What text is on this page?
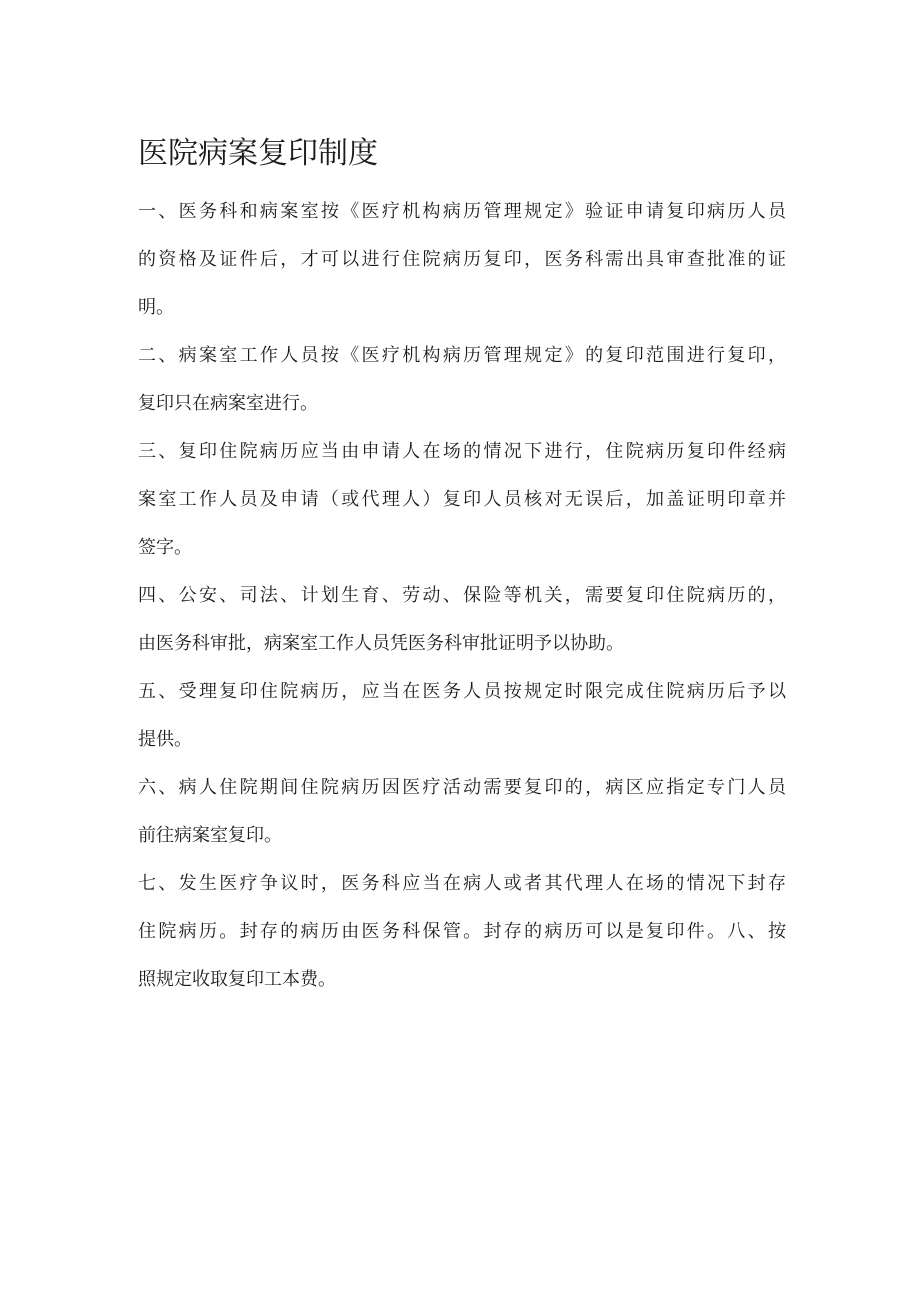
医院病案复印制度

一、医务科和病案室按《医疗机构病历管理规定》验证申请复印病历人员
的资格及证件后，才可以进行住院病历复印，医务科需出具审查批准的证
明。

二、病案室工作人员按《医疗机构病历管理规定》的复印范围进行复印，
复印只在病案室进行。

三、复印住院病历应当由申请人在场的情况下进行，住院病历复印件经病
案室工作人员及申请（或代理人）复印人员核对无误后，加盖证明印章并
签字。

四、公安、司法、计划生育、劳动、保险等机关，需要复印住院病历的，
由医务科审批，病案室工作人员凭医务科审批证明予以协助。

五、受理复印住院病历，应当在医务人员按规定时限完成住院病历后予以
提供。

六、病人住院期间住院病历因医疗活动需要复印的，病区应指定专门人员
前往病案室复印。

七、发生医疗争议时，医务科应当在病人或者其代理人在场的情况下封存
住院病历。封存的病历由医务科保管。封存的病历可以是复印件。八、按
照规定收取复印工本费。
